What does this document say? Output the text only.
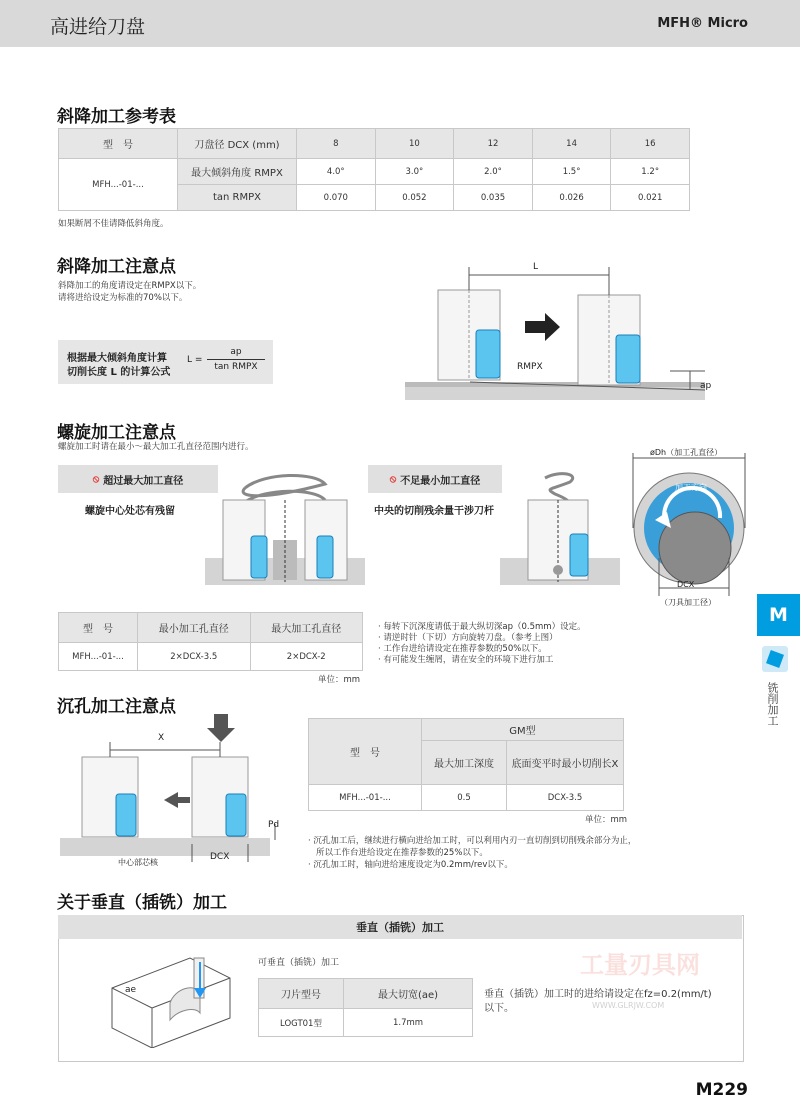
高进给刀盘	MFH® Micro
斜降加工参考表
型　号	刀盘径 DCX (mm)	8	10	12	14	16
MFH...-01-...	最大倾斜角度 RMPX	4.0°	3.0°	2.0°	1.5°	1.2°
	tan RMPX	0.070	0.052	0.035	0.026	0.021
如果断屑不佳请降低斜角度。
斜降加工注意点
斜降加工的角度请设定在RMPX以下。
请将进给设定为标准的70%以下。
根据最大倾斜角度计算
切削长度 L 的计算公式
L =
ap
tan RMPX
L
RMPX
ap
螺旋加工注意点
螺旋加工时请在最小～最大加工孔直径范围内进行。
⦸ 超过最大加工直径
螺旋中心处芯有残留
⦸ 不足最小加工直径
中央的切削残余量干涉刀杆
øDh（加工孔直径）
加工方向
DCX
（刀具加工径）
型　号	最小加工孔直径	最大加工孔直径
MFH...-01-...	2×DCX-3.5	2×DCX-2
单位：mm
· 每转下沉深度请低于最大纵切深ap（0.5mm）设定。
· 请逆时针（下切）方向旋转刀盘。（参考上图）
· 工作台进给请设定在推荐参数的50%以下。
· 有可能发生缠屑，请在安全的环境下进行加工
沉孔加工注意点
X
Pd
中心部芯核
DCX
型　号	GM型	
	最大加工深度	底面变平时最小切削长X
MFH...-01-...	0.5	DCX-3.5
单位：mm
· 沉孔加工后，继续进行横向进给加工时，可以利用内刃一直切削到切削残余部分为止，
所以工作台进给设定在推荐参数的25%以下。
· 沉孔加工时，轴向进给速度设定为0.2mm/rev以下。
关于垂直（插铣）加工
垂直（插铣）加工
ae
可垂直（插铣）加工
刀片型号	最大切宽(ae)
LOGT01型	1.7mm
垂直（插铣）加工时的进给请设定在fz=0.2(mm/t)
以下。
工量刃具网
WWW.GLRJW.COM
M
铣削加工
M229
